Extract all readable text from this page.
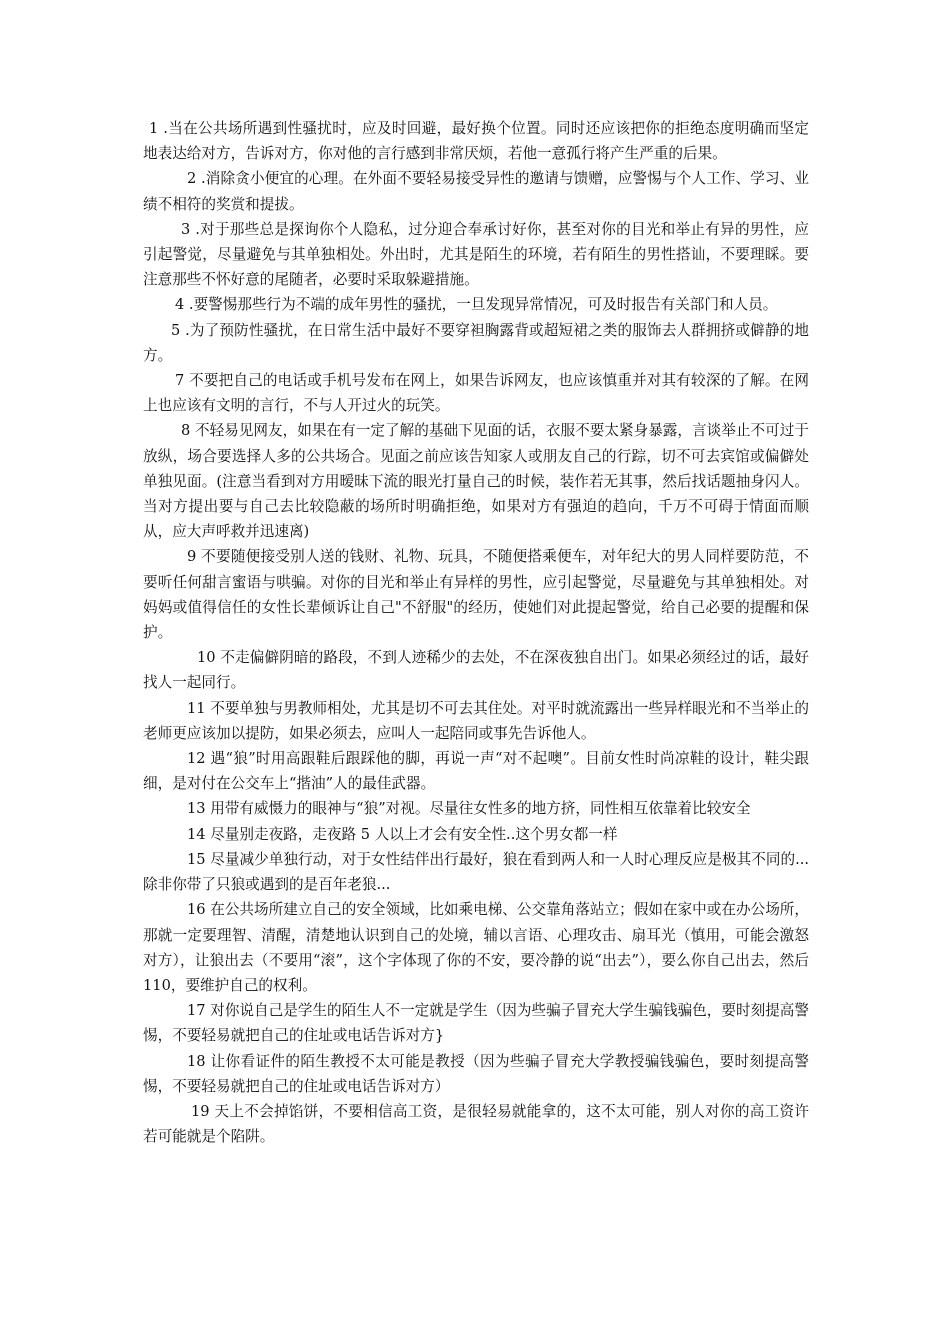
1 .当在公共场所遇到性骚扰时，应及时回避，最好换个位置。同时还应该把你的拒绝态度明确而坚定地表达给对方，告诉对方，你对他的言行感到非常厌烦，若他一意孤行将产生严重的后果。

2 .消除贪小便宜的心理。在外面不要轻易接受异性的邀请与馈赠，应警惕与个人工作、学习、业绩不相符的奖赏和提拔。

3 .对于那些总是探询你个人隐私，过分迎合奉承讨好你，甚至对你的目光和举止有异的男性，应引起警觉，尽量避免与其单独相处。外出时，尤其是陌生的环境，若有陌生的男性搭讪，不要理睬。要注意那些不怀好意的尾随者，必要时采取躲避措施。

4 .要警惕那些行为不端的成年男性的骚扰，一旦发现异常情况，可及时报告有关部门和人员。

5 .为了预防性骚扰，在日常生活中最好不要穿袒胸露背或超短裙之类的服饰去人群拥挤或僻静的地方。

7 不要把自己的电话或手机号发布在网上，如果告诉网友，也应该慎重并对其有较深的了解。在网上也应该有文明的言行，不与人开过火的玩笑。

8 不轻易见网友，如果在有一定了解的基础下见面的话，衣服不要太紧身暴露，言谈举止不可过于放纵，场合要选择人多的公共场合。见面之前应该告知家人或朋友自己的行踪，切不可去宾馆或偏僻处单独见面。(注意当看到对方用暧昧下流的眼光打量自己的时候，装作若无其事，然后找话题抽身闪人。当对方提出要与自己去比较隐蔽的场所时明确拒绝，如果对方有强迫的趋向，千万不可碍于情面而顺从，应大声呼救并迅速离)

9 不要随便接受别人送的钱财、礼物、玩具，不随便搭乘便车，对年纪大的男人同样要防范，不要听任何甜言蜜语与哄骗。对你的目光和举止有异样的男性，应引起警觉，尽量避免与其单独相处。对妈妈或值得信任的女性长辈倾诉让自己"不舒服"的经历，使她们对此提起警觉，给自己必要的提醒和保护。

10 不走偏僻阴暗的路段，不到人迹稀少的去处，不在深夜独自出门。如果必须经过的话，最好找人一起同行。

11 不要单独与男教师相处，尤其是切不可去其住处。对平时就流露出一些异样眼光和不当举止的老师更应该加以提防，如果必须去，应叫人一起陪同或事先告诉他人。

12 遇“狼”时用高跟鞋后跟踩他的脚，再说一声“对不起噢”。目前女性时尚凉鞋的设计，鞋尖跟细，是对付在公交车上“揩油”人的最佳武器。

13 用带有威慑力的眼神与“狼”对视。尽量往女性多的地方挤，同性相互依靠着比较安全

14 尽量别走夜路，走夜路 5 人以上才会有安全性..这个男女都一样

15 尽量减少单独行动，对于女性结伴出行最好，狼在看到两人和一人时心理反应是极其不同的...除非你带了只狼或遇到的是百年老狼...

16 在公共场所建立自己的安全领域，比如乘电梯、公交靠角落站立；假如在家中或在办公场所，那就一定要理智、清醒，清楚地认识到自己的处境，辅以言语、心理攻击、扇耳光（慎用，可能会激怒对方），让狼出去（不要用“滚”，这个字体现了你的不安，要冷静的说“出去”），要么你自己出去，然后 110，要维护自己的权利。

17 对你说自己是学生的陌生人不一定就是学生（因为些骗子冒充大学生骗钱骗色，要时刻提高警惕，不要轻易就把自己的住址或电话告诉对方}

18 让你看证件的陌生教授不太可能是教授（因为些骗子冒充大学教授骗钱骗色，要时刻提高警惕，不要轻易就把自己的住址或电话告诉对方）

19 天上不会掉馅饼，不要相信高工资，是很轻易就能拿的，这不太可能，别人对你的高工资许若可能就是个陷阱。
